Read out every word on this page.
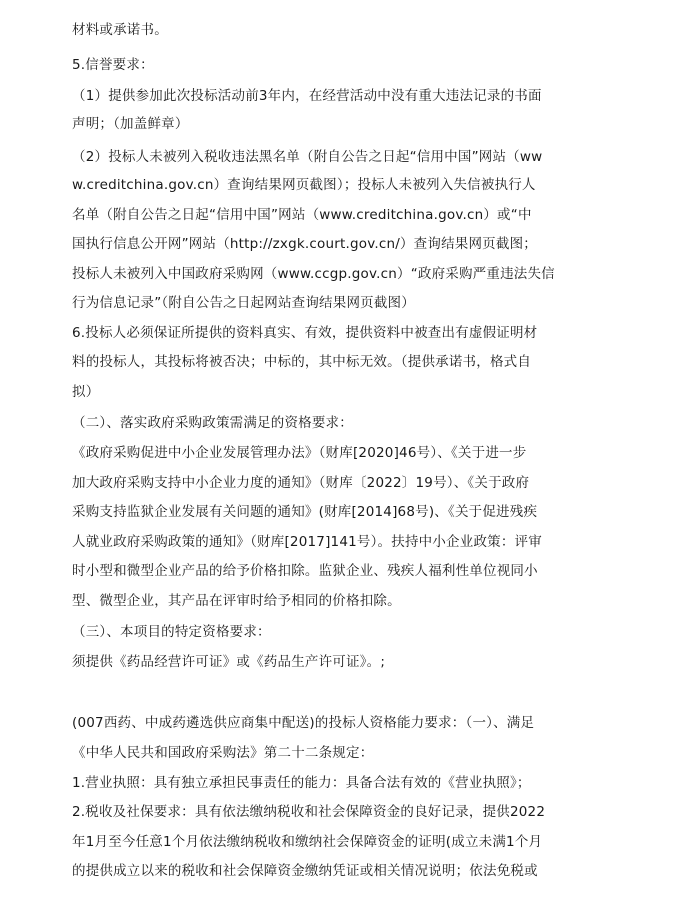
材料或承诺书。
5.信誉要求：
（1）提供参加此次投标活动前3年内，在经营活动中没有重大违法记录的书面
声明；（加盖鲜章）
（2）投标人未被列入税收违法黑名单（附自公告之日起“信用中国”网站（ww
w.creditchina.gov.cn）查询结果网页截图）；投标人未被列入失信被执行人
名单（附自公告之日起“信用中国”网站（www.creditchina.gov.cn）或“中
国执行信息公开网”网站（http://zxgk.court.gov.cn/）查询结果网页截图；
投标人未被列入中国政府采购网（www.ccgp.gov.cn）“政府采购严重违法失信
行为信息记录”（附自公告之日起网站查询结果网页截图）
6.投标人必须保证所提供的资料真实、有效，提供资料中被查出有虚假证明材
料的投标人，其投标将被否决；中标的，其中标无效。（提供承诺书，格式自
拟）
（二）、落实政府采购政策需满足的资格要求：
《政府采购促进中小企业发展管理办法》（财库[2020]46号）、《关于进一步
加大政府采购支持中小企业力度的通知》（财库〔2022〕19号）、《关于政府
采购支持监狱企业发展有关问题的通知》(财库[2014]68号)、《关于促进残疾
人就业政府采购政策的通知》（财库[2017]141号）。扶持中小企业政策：评审
时小型和微型企业产品的给予价格扣除。监狱企业、残疾人福利性单位视同小
型、微型企业，其产品在评审时给予相同的价格扣除。
（三）、本项目的特定资格要求：
须提供《药品经营许可证》或《药品生产许可证》。;
(007西药、中成药遴选供应商集中配送)的投标人资格能力要求：（一）、满足
《中华人民共和国政府采购法》第二十二条规定：
1.营业执照：具有独立承担民事责任的能力：具备合法有效的《营业执照》；
2.税收及社保要求：具有依法缴纳税收和社会保障资金的良好记录，提供2022
年1月至今任意1个月依法缴纳税收和缴纳社会保障资金的证明(成立未满1个月
的提供成立以来的税收和社会保障资金缴纳凭证或相关情况说明；依法免税或
